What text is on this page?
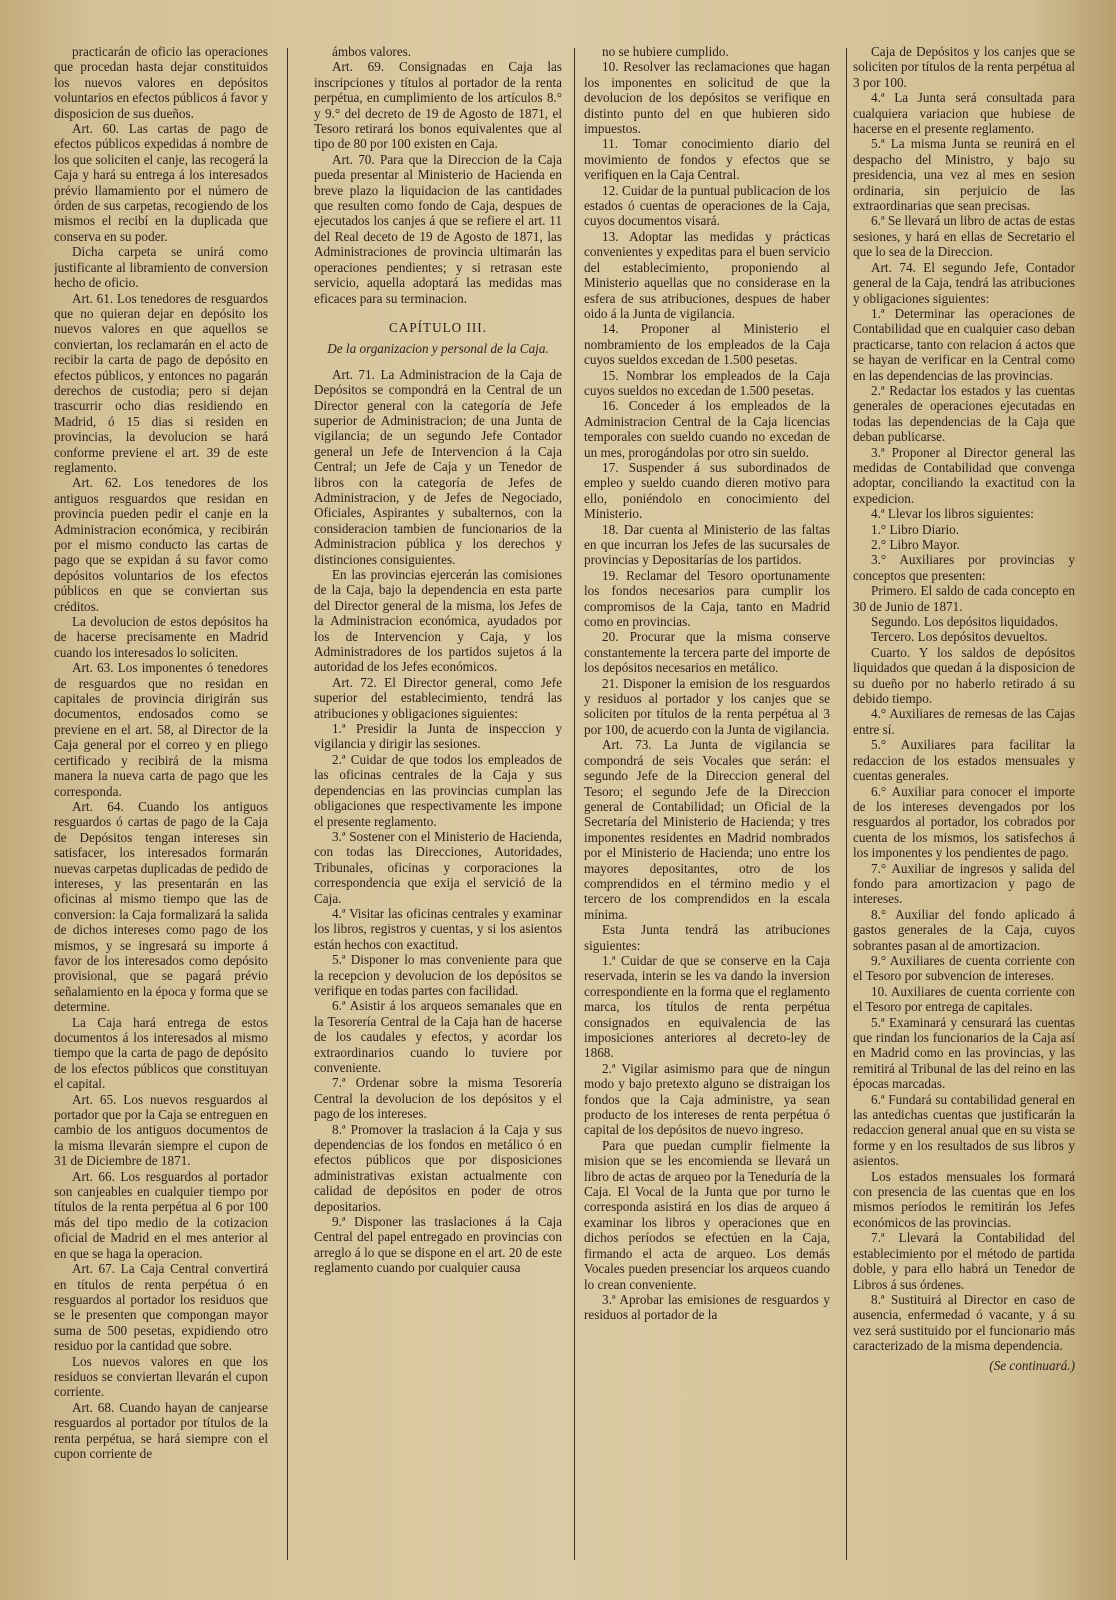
practicarán de oficio las operaciones que procedan hasta dejar constituidos los nuevos valores en depósitos voluntarios en efectos públicos á favor y disposicion de sus dueños.

Art. 60. Las cartas de pago de efectos públicos expedidas á nombre de los que soliciten el canje, las recogerá la Caja y hará su entrega á los interesados prévio llamamiento por el número de órden de sus carpetas, recogiendo de los mismos el recibí en la duplicada que conserva en su poder.

Dicha carpeta se unirá como justificante al libramiento de conversion hecho de oficio.

Art. 61. Los tenedores de resguardos que no quieran dejar en depósito los nuevos valores en que aquellos se conviertan, los reclamarán en el acto de recibir la carta de pago de depósito en efectos públicos, y entonces no pagarán derechos de custodia; pero si dejan trascurrir ocho dias residiendo en Madrid, ó 15 dias si residen en provincias, la devolucion se hará conforme previene el art. 39 de este reglamento.

Art. 62. Los tenedores de los antiguos resguardos que residan en provincia pueden pedir el canje en la Administracion económica, y recibirán por el mismo conducto las cartas de pago que se expidan á su favor como depósitos voluntarios de los efectos públicos en que se conviertan sus créditos.

La devolucion de estos depósitos ha de hacerse precisamente en Madrid cuando los interesados lo soliciten.

Art. 63. Los imponentes ó tenedores de resguardos que no residan en capitales de provincia dirigirán sus documentos, endosados como se previene en el art. 58, al Director de la Caja general por el correo y en pliego certificado y recibirá de la misma manera la nueva carta de pago que les corresponda.

Art. 64. Cuando los antiguos resguardos ó cartas de pago de la Caja de Depósitos tengan intereses sin satisfacer, los interesados formarán nuevas carpetas duplicadas de pedido de intereses, y las presentarán en las oficinas al mismo tiempo que las de conversion: la Caja formalizará la salida de dichos intereses como pago de los mismos, y se ingresará su importe á favor de los interesados como depósito provisional, que se pagará prévio señalamiento en la época y forma que se determine.

La Caja hará entrega de estos documentos á los interesados al mismo tiempo que la carta de pago de depósito de los efectos públicos que constituyan el capital.

Art. 65. Los nuevos resguardos al portador que por la Caja se entreguen en cambio de los antiguos documentos de la misma llevarán siempre el cupon de 31 de Diciembre de 1871.

Art. 66. Los resguardos al portador son canjeables en cualquier tiempo por títulos de la renta perpétua al 6 por 100 más del tipo medio de la cotizacion oficial de Madrid en el mes anterior al en que se haga la operacion.

Art. 67. La Caja Central convertirá en títulos de renta perpétua ó en resguardos al portador los residuos que se le presenten que compongan mayor suma de 500 pesetas, expidiendo otro residuo por la cantidad que sobre.

Los nuevos valores en que los residuos se conviertan llevarán el cupon corriente.

Art. 68. Cuando hayan de canjearse resguardos al portador por títulos de la renta perpétua, se hará siempre con el cupon corriente de

ámbos valores.

Art. 69. Consignadas en Caja las inscripciones y títulos al portador de la renta perpétua, en cumplimiento de los artículos 8.° y 9.° del decreto de 19 de Agosto de 1871, el Tesoro retirará los bonos equivalentes que al tipo de 80 por 100 existen en Caja.

Art. 70. Para que la Direccion de la Caja pueda presentar al Ministerio de Hacienda en breve plazo la liquidacion de las cantidades que resulten como fondo de Caja, despues de ejecutados los canjes á que se refiere el art. 11 del Real deceto de 19 de Agosto de 1871, las Administraciones de provincia ultimarán las operaciones pendientes; y si retrasan este servicio, aquella adoptará las medidas mas eficaces para su terminacion.

CAPÍTULO III.

De la organizacion y personal de la Caja.

Art. 71. La Administracion de la Caja de Depósitos se compondrá en la Central de un Director general con la categoría de Jefe superior de Administracion; de una Junta de vigilancia; de un segundo Jefe Contador general un Jefe de Intervencion á la Caja Central; un Jefe de Caja y un Tenedor de libros con la categoría de Jefes de Administracion, y de Jefes de Negociado, Oficiales, Aspirantes y subalternos, con la consideracion tambien de funcionarios de la Administracion pública y los derechos y distinciones consiguientes.

En las provincias ejercerán las comisiones de la Caja, bajo la dependencia en esta parte del Director general de la misma, los Jefes de la Administracion económica, ayudados por los de Intervencion y Caja, y los Administradores de los partidos sujetos á la autoridad de los Jefes económicos.

Art. 72. El Director general, como Jefe superior del establecimiento, tendrá las atribuciones y obligaciones siguientes:

1.ª Presidir la Junta de inspeccion y vigilancia y dirigir las sesiones.

2.ª Cuidar de que todos los empleados de las oficinas centrales de la Caja y sus dependencias en las provincias cumplan las obligaciones que respectivamente les impone el presente reglamento.

3.ª Sostener con el Ministerio de Hacienda, con todas las Direcciones, Autoridades, Tribunales, oficinas y corporaciones la correspondencia que exija el servició de la Caja.

4.ª Visitar las oficinas centrales y examinar los libros, registros y cuentas, y si los asientos están hechos con exactitud.

5.ª Disponer lo mas conveniente para que la recepcion y devolucion de los depósitos se verifique en todas partes con facilidad.

6.ª Asistir á los arqueos semanales que en la Tesorería Central de la Caja han de hacerse de los caudales y efectos, y acordar los extraordinarios cuando lo tuviere por conveniente.

7.ª Ordenar sobre la misma Tesorería Central la devolucion de los depósitos y el pago de los intereses.

8.ª Promover la traslacion á la Caja y sus dependencias de los fondos en metálico ó en efectos públicos que por disposiciones administrativas existan actualmente con calidad de depósitos en poder de otros depositarios.

9.ª Disponer las traslaciones á la Caja Central del papel entregado en provincias con arreglo á lo que se dispone en el art. 20 de este reglamento cuando por cualquier causa

no se hubiere cumplido.

10. Resolver las reclamaciones que hagan los imponentes en solicitud de que la devolucion de los depósitos se verifique en distinto punto del en que hubieren sido impuestos.

11. Tomar conocimiento diario del movimiento de fondos y efectos que se verifiquen en la Caja Central.

12. Cuidar de la puntual publicacion de los estados ó cuentas de operaciones de la Caja, cuyos documentos visará.

13. Adoptar las medidas y prácticas convenientes y expeditas para el buen servicio del establecimiento, proponiendo al Ministerio aquellas que no considerase en la esfera de sus atribuciones, despues de haber oido á la Junta de vigilancia.

14. Proponer al Ministerio el nombramiento de los empleados de la Caja cuyos sueldos excedan de 1.500 pesetas.

15. Nombrar los empleados de la Caja cuyos sueldos no excedan de 1.500 pesetas.

16. Conceder á los empleados de la Administracion Central de la Caja licencias temporales con sueldo cuando no excedan de un mes, prorogándolas por otro sin sueldo.

17. Suspender á sus subordinados de empleo y sueldo cuando dieren motivo para ello, poniéndolo en conocimiento del Ministerio.

18. Dar cuenta al Ministerio de las faltas en que incurran los Jefes de las sucursales de provincias y Depositarías de los partidos.

19. Reclamar del Tesoro oportunamente los fondos necesarios para cumplir los compromisos de la Caja, tanto en Madrid como en provincias.

20. Procurar que la misma conserve constantemente la tercera parte del importe de los depósitos necesarios en metálico.

21. Disponer la emision de los resguardos y residuos al portador y los canjes que se soliciten por títulos de la renta perpétua al 3 por 100, de acuerdo con la Junta de vigilancia.

Art. 73. La Junta de vigilancia se compondrá de seis Vocales que serán: el segundo Jefe de la Direccion general del Tesoro; el segundo Jefe de la Direccion general de Contabilidad; un Oficial de la Secretaría del Ministerio de Hacienda; y tres imponentes residentes en Madrid nombrados por el Ministerio de Hacienda; uno entre los mayores depositantes, otro de los comprendidos en el término medio y el tercero de los comprendidos en la escala mínima.

Esta Junta tendrá las atribuciones siguientes:

1.ª Cuidar de que se conserve en la Caja reservada, interin se les va dando la inversion correspondiente en la forma que el reglamento marca, los títulos de renta perpétua consignados en equivalencia de las imposiciones anteriores al decreto-ley de 1868.

2.ª Vigilar asimismo para que de ningun modo y bajo pretexto alguno se distraigan los fondos que la Caja administre, ya sean producto de los intereses de renta perpétua ó capital de los depósitos de nuevo ingreso.

Para que puedan cumplir fielmente la mision que se les encomienda se llevará un libro de actas de arqueo por la Teneduría de la Caja. El Vocal de la Junta que por turno le corresponda asistirá en los dias de arqueo á examinar los libros y operaciones que en dichos períodos se efectúen en la Caja, firmando el acta de arqueo. Los demás Vocales pueden presenciar los arqueos cuando lo crean conveniente.

3.ª Aprobar las emisiones de resguardos y residuos al portador de la

Caja de Depósitos y los canjes que se soliciten por títulos de la renta perpétua al 3 por 100.

4.ª La Junta será consultada para cualquiera variacion que hubiese de hacerse en el presente reglamento.

5.ª La misma Junta se reunirá en el despacho del Ministro, y bajo su presidencia, una vez al mes en sesion ordinaria, sin perjuicio de las extraordinarias que sean precisas.

6.ª Se llevará un libro de actas de estas sesiones, y hará en ellas de Secretario el que lo sea de la Direccion.

Art. 74. El segundo Jefe, Contador general de la Caja, tendrá las atribuciones y obligaciones siguientes:

1.ª Determinar las operaciones de Contabilidad que en cualquier caso deban practicarse, tanto con relacion á actos que se hayan de verificar en la Central como en las dependencias de las provincias.

2.ª Redactar los estados y las cuentas generales de operaciones ejecutadas en todas las dependencias de la Caja que deban publicarse.

3.ª Proponer al Director general las medidas de Contabilidad que convenga adoptar, conciliando la exactitud con la expedicion.

4.ª Llevar los libros siguientes:

1.° Libro Diario.

2.° Libro Mayor.

3.° Auxiliares por provincias y conceptos que presenten:

Primero. El saldo de cada concepto en 30 de Junio de 1871.

Segundo. Los depósitos liquidados.

Tercero. Los depósitos devueltos.

Cuarto. Y los saldos de depósitos liquidados que quedan á la disposicion de su dueño por no haberlo retirado á su debido tiempo.

4.° Auxiliares de remesas de las Cajas entre sí.

5.° Auxiliares para facilitar la redaccion de los estados mensuales y cuentas generales.

6.° Auxiliar para conocer el importe de los intereses devengados por los resguardos al portador, los cobrados por cuenta de los mismos, los satisfechos á los imponentes y los pendientes de pago.

7.° Auxiliar de ingresos y salida del fondo para amortizacion y pago de intereses.

8.° Auxiliar del fondo aplicado á gastos generales de la Caja, cuyos sobrantes pasan al de amortizacion.

9.° Auxiliares de cuenta corriente con el Tesoro por subvencion de intereses.

10. Auxiliares de cuenta corriente con el Tesoro por entrega de capitales.

5.ª Examinará y censurará las cuentas que rindan los funcionarios de la Caja así en Madrid como en las provincias, y las remitirá al Tribunal de las del reino en las épocas marcadas.

6.ª Fundará su contabilidad general en las antedichas cuentas que justificarán la redaccion general anual que en su vista se forme y en los resultados de sus libros y asientos.

Los estados mensuales los formará con presencia de las cuentas que en los mismos períodos le remitirán los Jefes económicos de las provincias.

7.ª Llevará la Contabilidad del establecimiento por el método de partida doble, y para ello habrá un Tenedor de Libros á sus órdenes.

8.ª Sustituirá al Director en caso de ausencia, enfermedad ó vacante, y á su vez será sustituido por el funcionario más caracterizado de la misma dependencia.

(Se continuará.)
